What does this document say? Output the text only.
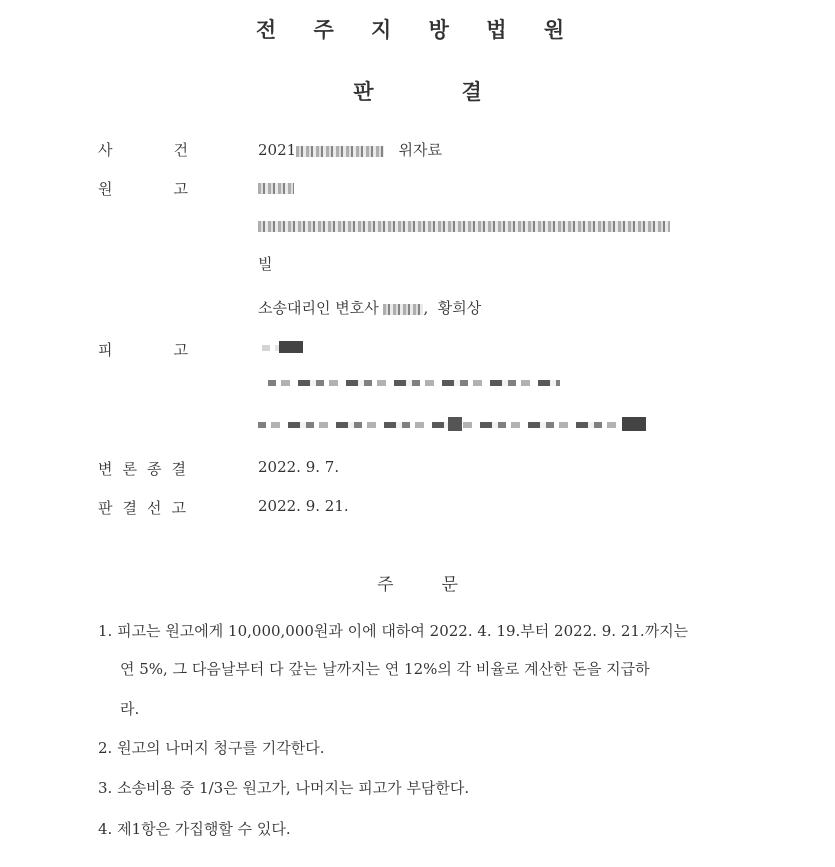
전 주 지 방 법 원
판	결
사	건	2021	위자료
원	고
빌
소송대리인 변호사	,  황희상
피	고
변 론 종 결	2022. 9. 7.
판 결 선 고	2022. 9. 21.
주	문
1. 피고는 원고에게 10,000,000원과 이에 대하여 2022. 4. 19.부터 2022. 9. 21.까지는
연 5%, 그 다음날부터 다 갚는 날까지는 연 12%의 각 비율로 계산한 돈을 지급하
라.
2. 원고의 나머지 청구를 기각한다.
3. 소송비용 중 1/3은 원고가, 나머지는 피고가 부담한다.
4. 제1항은 가집행할 수 있다.
